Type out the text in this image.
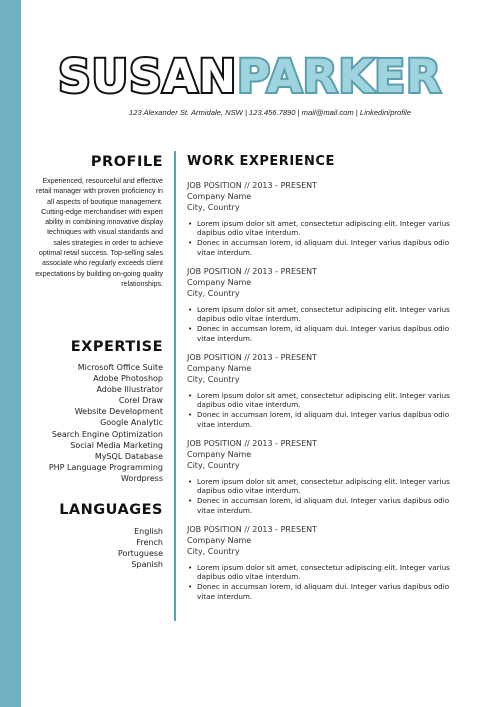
SUSANPARKER
123 Alexander St. Armidale, NSW | 123.456.7890 | mail@mail.com | Linkedin/profile
PROFILE
Experienced, resourceful and effective retail manager with proven proficiency in all aspects of boutique management. Cutting-edge merchandiser with expert ability in combining innovative display techniques with visual standards and sales strategies in order to achieve optimal retail success. Top-selling sales associate who regularly exceeds client expectations by building on-going quality relationships.
EXPERTISE
Microsoft Office Suite
Adobe Photoshop
Adobe Illustrator
Corel Draw
Website Development
Google Analytic
Search Engine Optimization
Social Media Marketing
MySQL Database
PHP Language Programming
Wordpress
LANGUAGES
English
French
Portuguese
Spanish
WORK EXPERIENCE
JOB POSITION // 2013 - PRESENT
Company Name
City, Country
• Lorem ipsum dolor sit amet, consectetur adipiscing elit. Integer varius dapibus odio vitae interdum.
• Donec in accumsan lorem, id aliquam dui. Integer varius dapibus odio vitae interdum.
JOB POSITION // 2013 - PRESENT
Company Name
City, Country
• Lorem ipsum dolor sit amet, consectetur adipiscing elit. Integer varius dapibus odio vitae interdum.
• Donec in accumsan lorem, id aliquam dui. Integer varius dapibus odio vitae interdum.
JOB POSITION // 2013 - PRESENT
Company Name
City, Country
• Lorem ipsum dolor sit amet, consectetur adipiscing elit. Integer varius dapibus odio vitae interdum.
• Donec in accumsan lorem, id aliquam dui. Integer varius dapibus odio vitae interdum.
JOB POSITION // 2013 - PRESENT
Company Name
City, Country
• Lorem ipsum dolor sit amet, consectetur adipiscing elit. Integer varius dapibus odio vitae interdum.
• Donec in accumsan lorem, id aliquam dui. Integer varius dapibus odio vitae interdum.
JOB POSITION // 2013 - PRESENT
Company Name
City, Country
• Lorem ipsum dolor sit amet, consectetur adipiscing elit. Integer varius dapibus odio vitae interdum.
• Donec in accumsan lorem, id aliquam dui. Integer varius dapibus odio vitae interdum.
